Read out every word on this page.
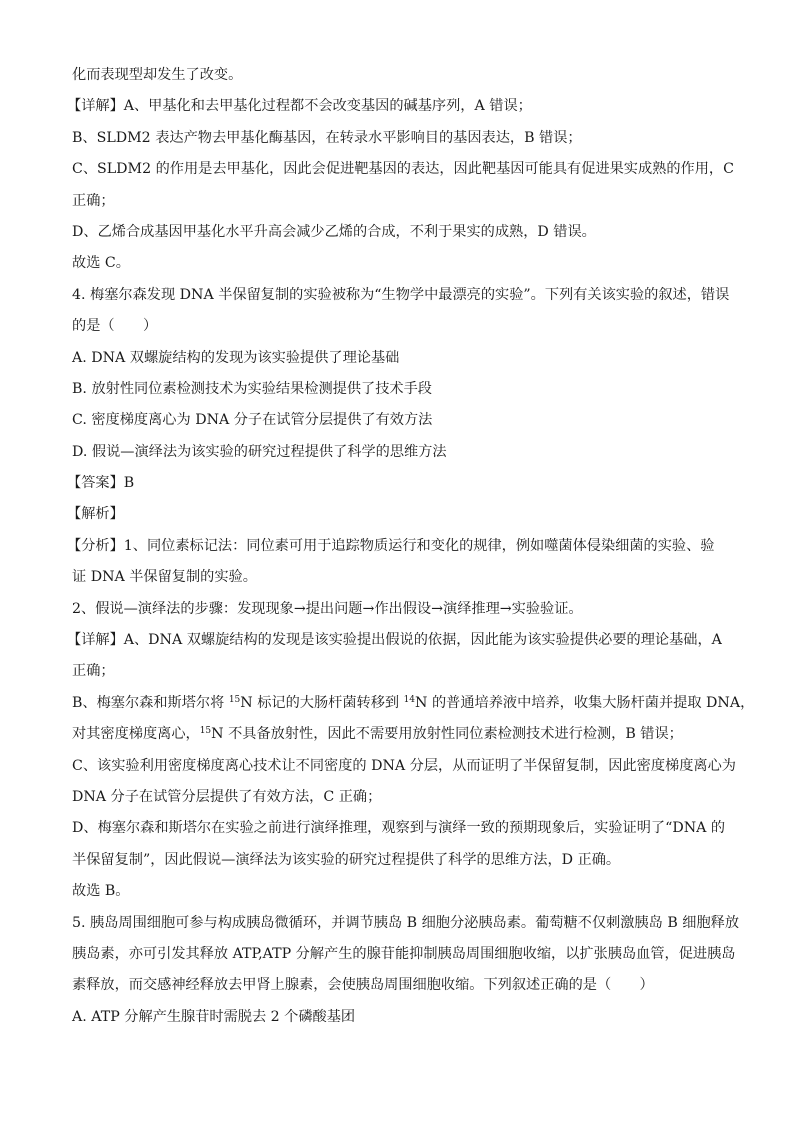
化而表现型却发生了改变。
【详解】A、甲基化和去甲基化过程都不会改变基因的碱基序列，A 错误；
B、SLDM2 表达产物去甲基化酶基因，在转录水平影响目的基因表达，B 错误；
C、SLDM2 的作用是去甲基化，因此会促进靶基因的表达，因此靶基因可能具有促进果实成熟的作用，C
正确；
D、乙烯合成基因甲基化水平升高会减少乙烯的合成，不利于果实的成熟，D 错误。
故选 C。
4. 梅塞尔森发现 DNA 半保留复制的实验被称为“生物学中最漂亮的实验”。下列有关该实验的叙述，错误
的是（　　）
A. DNA 双螺旋结构的发现为该实验提供了理论基础
B. 放射性同位素检测技术为实验结果检测提供了技术手段
C. 密度梯度离心为 DNA 分子在试管分层提供了有效方法
D. 假说—演绎法为该实验的研究过程提供了科学的思维方法
【答案】B
【解析】
【分析】1、同位素标记法：同位素可用于追踪物质运行和变化的规律，例如噬菌体侵染细菌的实验、验
证 DNA 半保留复制的实验。
2、假说—演绎法的步骤：发现现象→提出问题→作出假设→演绎推理→实验验证。
【详解】A、DNA 双螺旋结构的发现是该实验提出假说的依据，因此能为该实验提供必要的理论基础，A
正确；
B、梅塞尔森和斯塔尔将 $^{15}$N 标记的大肠杆菌转移到 $^{14}$N 的普通培养液中培养，收集大肠杆菌并提取 DNA，
对其密度梯度离心，$^{15}$N 不具备放射性，因此不需要用放射性同位素检测技术进行检测，B 错误；
C、该实验利用密度梯度离心技术让不同密度的 DNA 分层，从而证明了半保留复制，因此密度梯度离心为
DNA 分子在试管分层提供了有效方法，C 正确；
D、梅塞尔森和斯塔尔在实验之前进行演绎推理，观察到与演绎一致的预期现象后，实验证明了“DNA 的
半保留复制”，因此假说—演绎法为该实验的研究过程提供了科学的思维方法，D 正确。
故选 B。
5. 胰岛周围细胞可参与构成胰岛微循环，并调节胰岛 B 细胞分泌胰岛素。葡萄糖不仅刺激胰岛 B 细胞释放
胰岛素，亦可引发其释放 ATP,ATP 分解产生的腺苷能抑制胰岛周围细胞收缩，以扩张胰岛血管，促进胰岛
素释放，而交感神经释放去甲肾上腺素，会使胰岛周围细胞收缩。下列叙述正确的是（　　）
A. ATP 分解产生腺苷时需脱去 2 个磷酸基团
